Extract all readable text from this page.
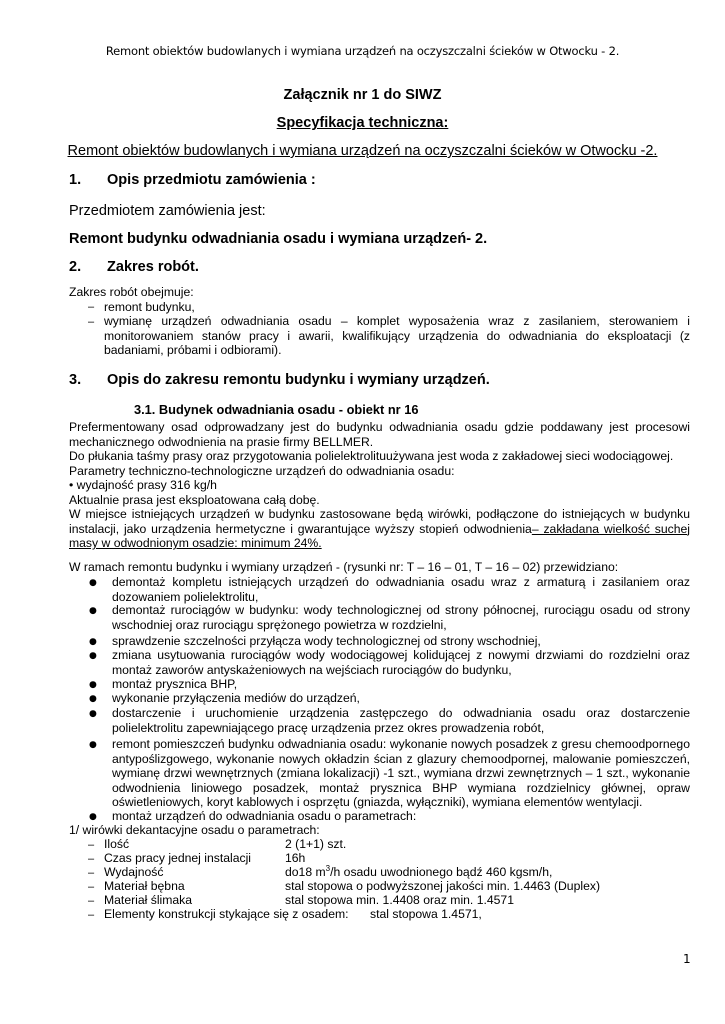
Remont obiektów budowlanych i wymiana urządzeń na oczyszczalni ścieków w Otwocku - 2.
Załącznik nr 1 do SIWZ
Specyfikacja techniczna:
Remont obiektów budowlanych i wymiana urządzeń na oczyszczalni ścieków w Otwocku -2.
1. Opis przedmiotu zamówienia :
Przedmiotem zamówienia jest:
Remont budynku odwadniania osadu i wymiana urządzeń- 2.
2. Zakres robót.
Zakres robót obejmuje:
– remont budynku,
– wymianę urządzeń odwadniania osadu – komplet wyposażenia wraz z zasilaniem, sterowaniem i
monitorowaniem stanów pracy i awarii, kwalifikujący urządzenia do odwadniania do eksploatacji (z
badaniami, próbami i odbiorami).
3. Opis do zakresu remontu budynku i wymiany urządzeń.
3.1. Budynek odwadniania osadu - obiekt nr 16
Prefermentowany osad odprowadzany jest do budynku odwadniania osadu gdzie poddawany jest procesowi
mechanicznego odwodnienia na prasie firmy BELLMER.
Do płukania taśmy prasy oraz przygotowania polielektrolituużywana jest woda z zakładowej sieci wodociągowej.
Parametry techniczno-technologiczne urządzeń do odwadniania osadu:
• wydajność prasy 316 kg/h
Aktualnie prasa jest eksploatowana całą dobę.
W miejsce istniejących urządzeń w budynku zastosowane będą wirówki, podłączone do istniejących w budynku
instalacji, jako urządzenia hermetyczne i gwarantujące wyższy stopień odwodnienia– zakładana wielkość suchej
masy w odwodnionym osadzie: minimum 24%.
W ramach remontu budynku i wymiany urządzeń - (rysunki nr: T – 16 – 01, T – 16 – 02) przewidziano:
● demontaż kompletu istniejących urządzeń do odwadniania osadu wraz z armaturą i zasilaniem oraz
dozowaniem polielektrolitu,
● demontaż rurociągów w budynku: wody technologicznej od strony północnej, rurociągu osadu od strony
wschodniej oraz rurociągu sprężonego powietrza w rozdzielni,
● sprawdzenie szczelności przyłącza wody technologicznej od strony wschodniej,
● zmiana usytuowania rurociągów wody wodociągowej kolidującej z nowymi drzwiami do rozdzielni oraz
montaż zaworów antyskażeniowych na wejściach rurociągów do budynku,
● montaż prysznica BHP,
● wykonanie przyłączenia mediów do urządzeń,
● dostarczenie i uruchomienie urządzenia zastępczego do odwadniania osadu oraz dostarczenie
polielektrolitu zapewniającego pracę urządzenia przez okres prowadzenia robót,
● remont pomieszczeń budynku odwadniania osadu: wykonanie nowych posadzek z gresu chemoodpornego
antypoślizgowego, wykonanie nowych okładzin ścian z glazury chemoodpornej, malowanie pomieszczeń,
wymianę drzwi wewnętrznych (zmiana lokalizacji) -1 szt., wymiana drzwi zewnętrznych – 1 szt., wykonanie
odwodnienia liniowego posadzek, montaż prysznica BHP wymiana rozdzielnicy głównej, opraw
oświetleniowych, koryt kablowych i osprzętu (gniazda, wyłączniki), wymiana elementów wentylacji.
● montaż urządzeń do odwadniania osadu o parametrach:
1/ wirówki dekantacyjne osadu o parametrach:
– Ilość	2 (1+1) szt.
– Czas pracy jednej instalacji	16h
– Wydajność	do18 $m^3/h$ osadu uwodnionego bądź 460 kgsm/h,
– Materiał bębna	stal stopowa o podwyższonej jakości min. 1.4463 (Duplex)
– Materiał ślimaka	stal stopowa min. 1.4408 oraz min. 1.4571
– Elementy konstrukcji stykające się z osadem: stal stopowa 1.4571,
1
